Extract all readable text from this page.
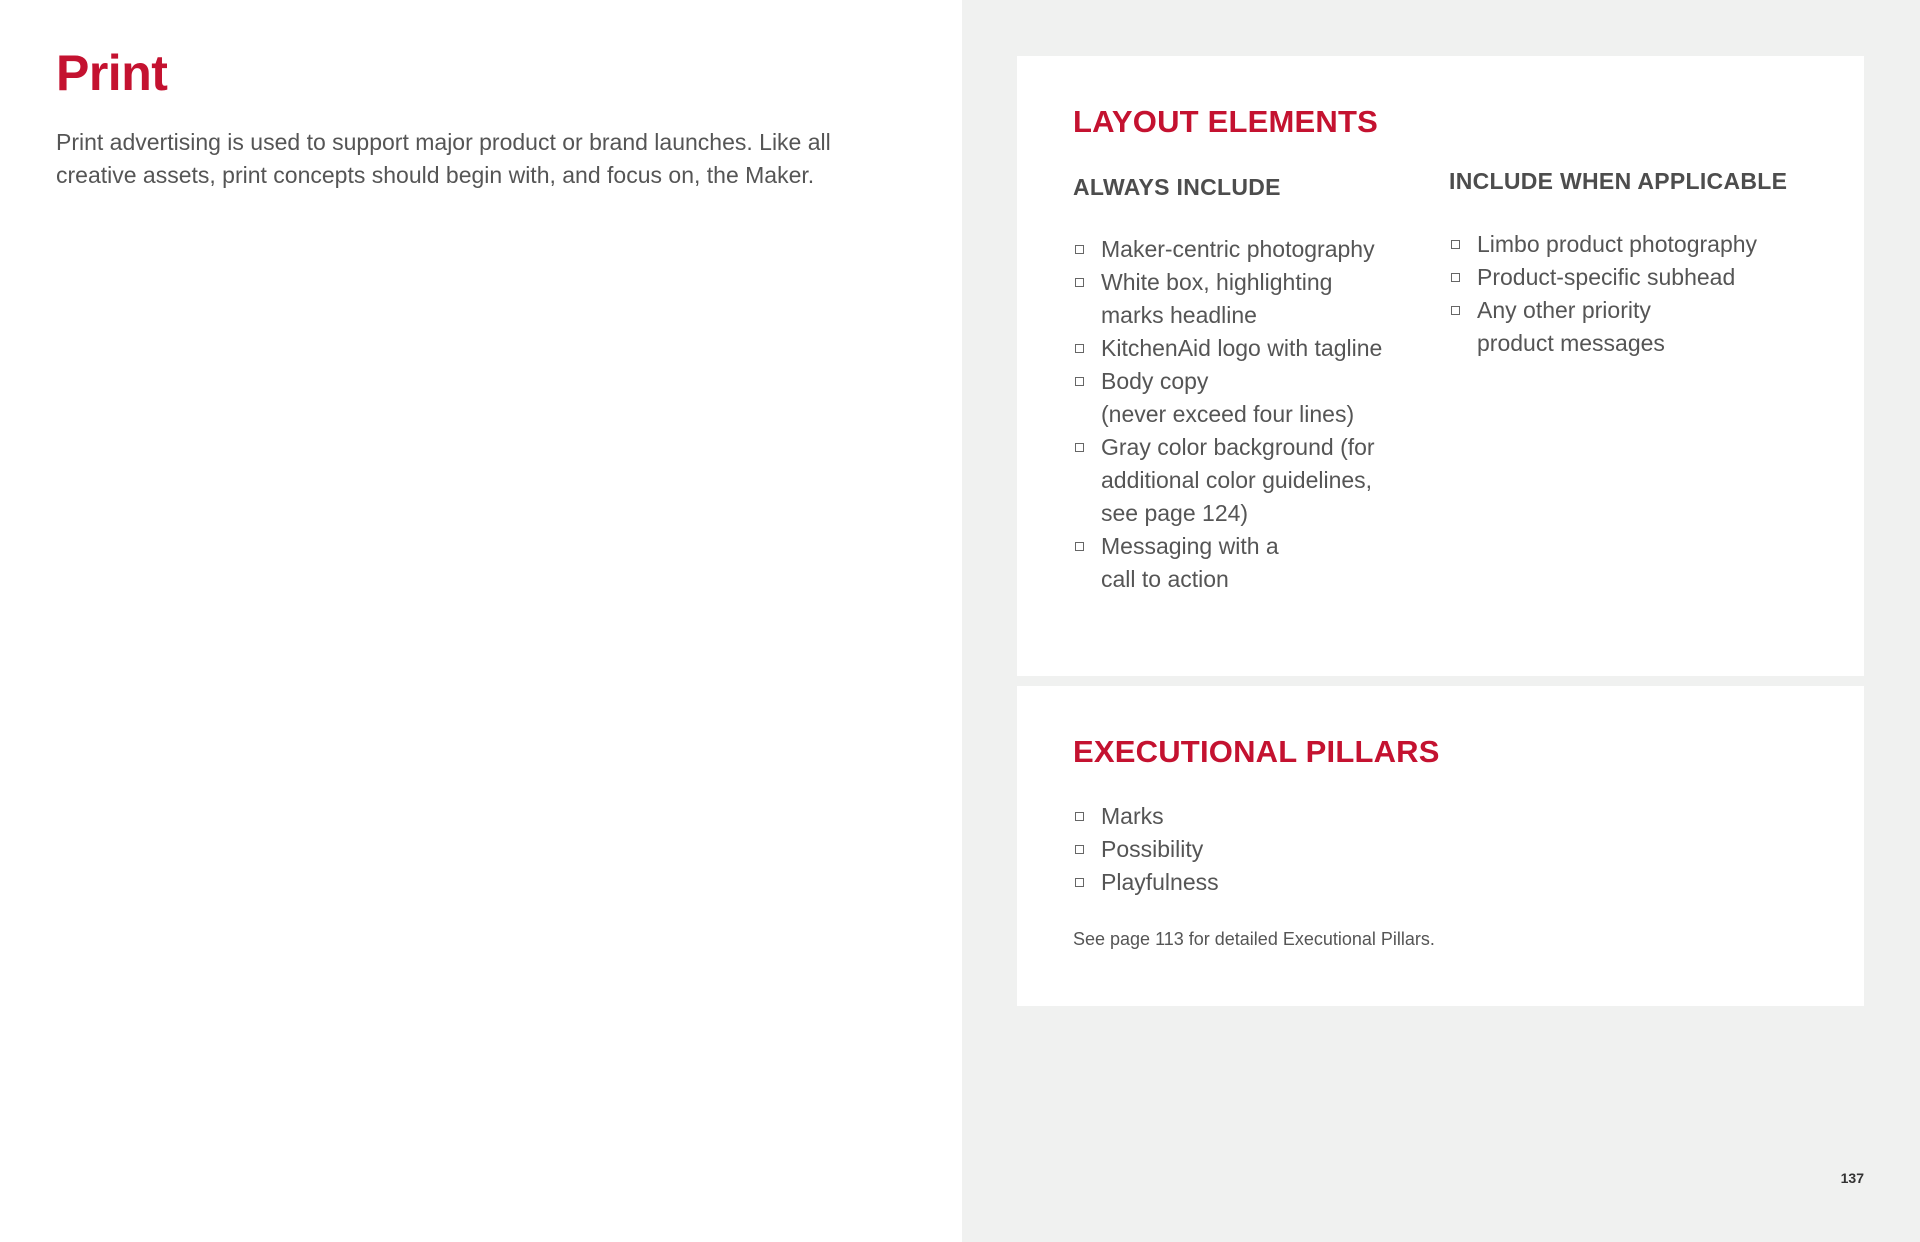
Print

Print advertising is used to support major product or brand launches. Like all creative assets, print concepts should begin with, and focus on, the Maker.

LAYOUT ELEMENTS
ALWAYS INCLUDE
Maker-centric photography
White box, highlighting
marks headline
KitchenAid logo with tagline
Body copy
(never exceed four lines)
Gray color background (for
additional color guidelines,
see page 124)
Messaging with a
call to action
INCLUDE WHEN APPLICABLE
Limbo product photography
Product-specific subhead
Any other priority
product messages
EXECUTIONAL PILLARS
Marks
Possibility
Playfulness

See page 113 for detailed Executional Pillars.

137
